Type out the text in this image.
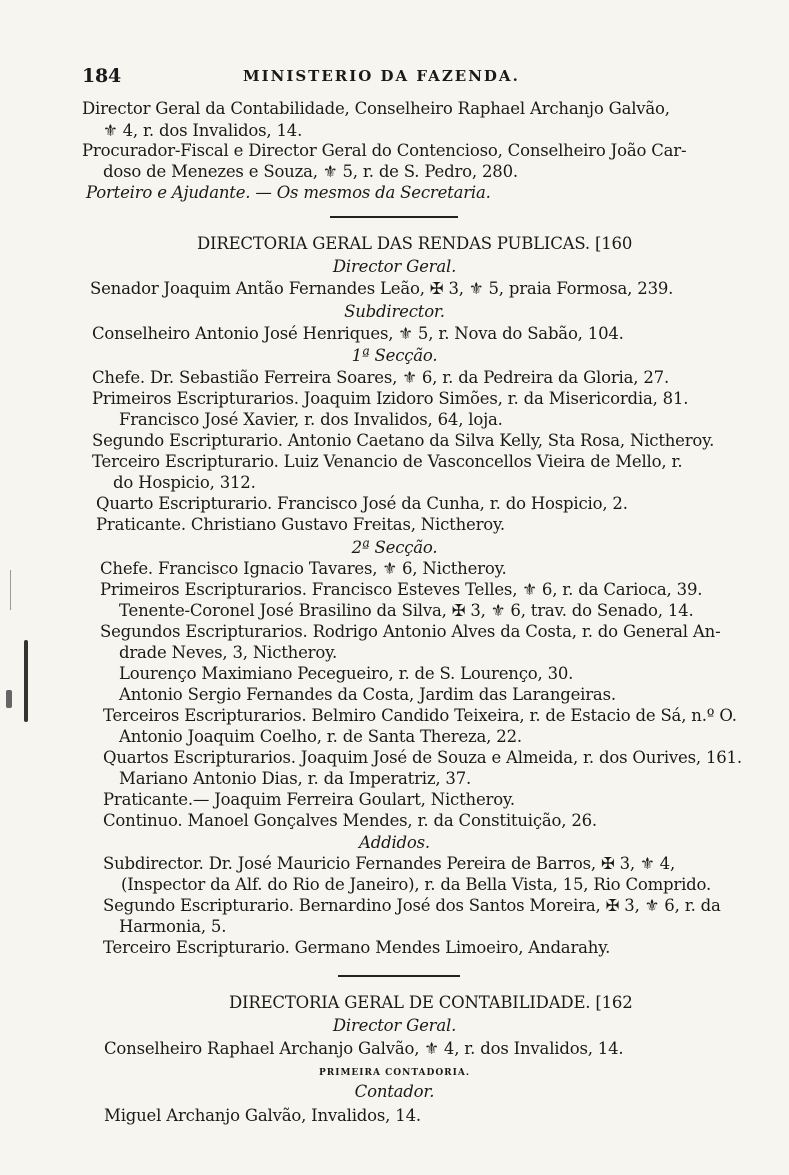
184	MINISTERIO DA FAZENDA.
Director Geral da Contabilidade, Conselheiro Raphael Archanjo Galvão,
⚜ 4, r. dos Invalidos, 14.
Procurador-Fiscal e Director Geral do Contencioso, Conselheiro João Car-
doso de Menezes e Souza, ⚜ 5, r. de S. Pedro, 280.
Porteiro e Ajudante. — Os mesmos da Secretaria.
DIRECTORIA GERAL DAS RENDAS PUBLICAS. [160
Director Geral.
Senador Joaquim Antão Fernandes Leão, ✠ 3, ⚜ 5, praia Formosa, 239.
Subdirector.
Conselheiro Antonio José Henriques, ⚜ 5, r. Nova do Sabão, 104.
1ª Secção.
Chefe. Dr. Sebastião Ferreira Soares, ⚜ 6, r. da Pedreira da Gloria, 27.
Primeiros Escripturarios. Joaquim Izidoro Simões, r. da Misericordia, 81.
Francisco José Xavier, r. dos Invalidos, 64, loja.
Segundo Escripturario. Antonio Caetano da Silva Kelly, Sta Rosa, Nictheroy.
Terceiro Escripturario. Luiz Venancio de Vasconcellos Vieira de Mello, r.
do Hospicio, 312.
Quarto Escripturario. Francisco José da Cunha, r. do Hospicio, 2.
Praticante. Christiano Gustavo Freitas, Nictheroy.
2ª Secção.
Chefe. Francisco Ignacio Tavares, ⚜ 6, Nictheroy.
Primeiros Escripturarios. Francisco Esteves Telles, ⚜ 6, r. da Carioca, 39.
Tenente-Coronel José Brasilino da Silva, ✠ 3, ⚜ 6, trav. do Senado, 14.
Segundos Escripturarios. Rodrigo Antonio Alves da Costa, r. do General An-
drade Neves, 3, Nictheroy.
Lourenço Maximiano Pecegueiro, r. de S. Lourenço, 30.
Antonio Sergio Fernandes da Costa, Jardim das Larangeiras.
Terceiros Escripturarios. Belmiro Candido Teixeira, r. de Estacio de Sá, n.º O.
Antonio Joaquim Coelho, r. de Santa Thereza, 22.
Quartos Escripturarios. Joaquim José de Souza e Almeida, r. dos Ourives, 161.
Mariano Antonio Dias, r. da Imperatriz, 37.
Praticante.— Joaquim Ferreira Goulart, Nictheroy.
Continuo. Manoel Gonçalves Mendes, r. da Constituição, 26.
Addidos.
Subdirector. Dr. José Mauricio Fernandes Pereira de Barros, ✠ 3, ⚜ 4,
(Inspector da Alf. do Rio de Janeiro), r. da Bella Vista, 15, Rio Comprido.
Segundo Escripturario. Bernardino José dos Santos Moreira, ✠ 3, ⚜ 6, r. da
Harmonia, 5.
Terceiro Escripturario. Germano Mendes Limoeiro, Andarahy.
DIRECTORIA GERAL DE CONTABILIDADE. [162
Director Geral.
Conselheiro Raphael Archanjo Galvão, ⚜ 4, r. dos Invalidos, 14.
PRIMEIRA CONTADORIA.
Contador.
Miguel Archanjo Galvão, Invalidos, 14.
